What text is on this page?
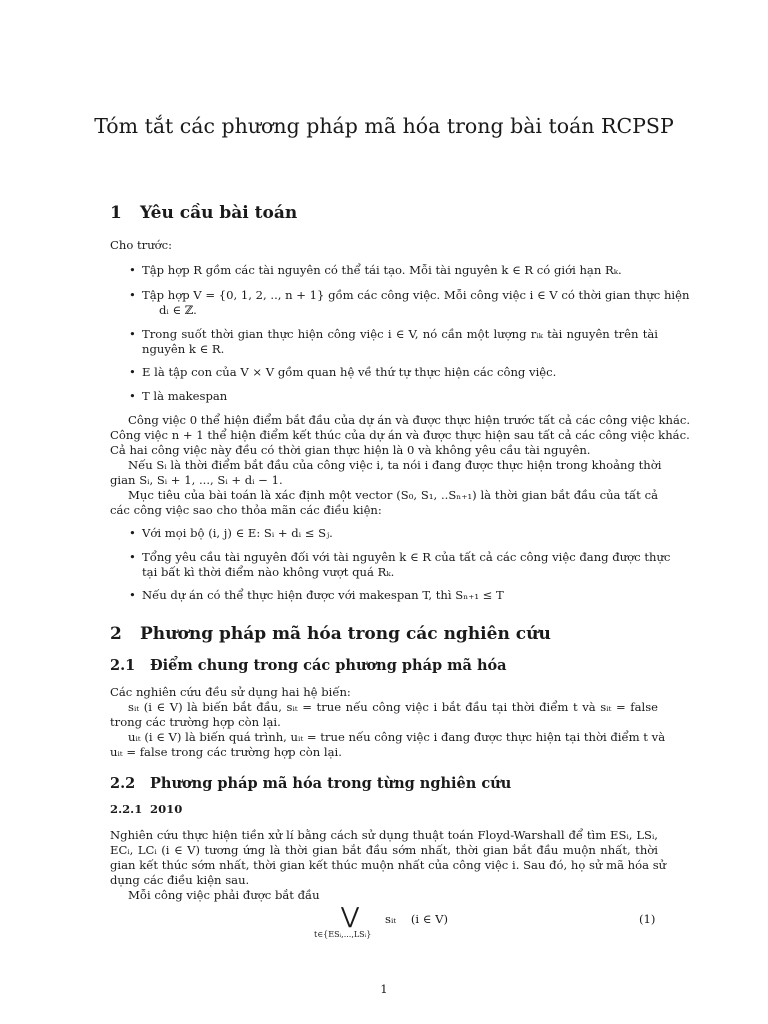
Tóm tắt các phương pháp mã hóa trong bài toán RCPSP
1 Yêu cầu bài toán
Cho trước:
• Tập hợp R gồm các tài nguyên có thể tái tạo. Mỗi tài nguyên k ∈ R có giới hạn Rₖ.
• Tập hợp V = {0, 1, 2, .., n + 1} gồm các công việc. Mỗi công việc i ∈ V có thời gian thực hiện
dᵢ ∈ ℤ.
• Trong suốt thời gian thực hiện công việc i ∈ V, nó cần một lượng rᵢₖ tài nguyên trên tài
nguyên k ∈ R.
• E là tập con của V × V gồm quan hệ về thứ tự thực hiện các công việc.
• T là makespan
Công việc 0 thể hiện điểm bắt đầu của dự án và được thực hiện trước tất cả các công việc khác.
Công việc n + 1 thể hiện điểm kết thúc của dự án và được thực hiện sau tất cả các công việc khác.
Cả hai công việc này đều có thời gian thực hiện là 0 và không yêu cầu tài nguyên.
Nếu Sᵢ là thời điểm bắt đầu của công việc i, ta nói i đang được thực hiện trong khoảng thời
gian Sᵢ, Sᵢ + 1, ..., Sᵢ + dᵢ − 1.
Mục tiêu của bài toán là xác định một vector (S₀, S₁, ..Sₙ₊₁) là thời gian bắt đầu của tất cả
các công việc sao cho thỏa mãn các điều kiện:
• Với mọi bộ (i, j) ∈ E: Sᵢ + dᵢ ≤ Sⱼ.
• Tổng yêu cầu tài nguyên đối với tài nguyên k ∈ R của tất cả các công việc đang được thực
tại bất kì thời điểm nào không vượt quá Rₖ.
• Nếu dự án có thể thực hiện được với makespan T, thì Sₙ₊₁ ≤ T
2 Phương pháp mã hóa trong các nghiên cứu
2.1 Điểm chung trong các phương pháp mã hóa
Các nghiên cứu đều sử dụng hai hệ biến:
sᵢₜ (i ∈ V) là biến bắt đầu, sᵢₜ = true nếu công việc i bắt đầu tại thời điểm t và sᵢₜ = false
trong các trường hợp còn lại.
uᵢₜ (i ∈ V) là biến quá trình, uᵢₜ = true nếu công việc i đang được thực hiện tại thời điểm t và
uᵢₜ = false trong các trường hợp còn lại.
2.2 Phương pháp mã hóa trong từng nghiên cứu
2.2.1 2010
Nghiên cứu thực hiện tiền xử lí bằng cách sử dụng thuật toán Floyd-Warshall để tìm ESᵢ, LSᵢ,
ECᵢ, LCᵢ (i ∈ V) tương ứng là thời gian bắt đầu sớm nhất, thời gian bắt đầu muộn nhất, thời
gian kết thúc sớm nhất, thời gian kết thúc muộn nhất của công việc i. Sau đó, họ sử mã hóa sử
dụng các điều kiện sau.
Mỗi công việc phải được bắt đầu
⋁
t∈{ESᵢ,...,LSᵢ}
sᵢₜ    (i ∈ V)	(1)
1
